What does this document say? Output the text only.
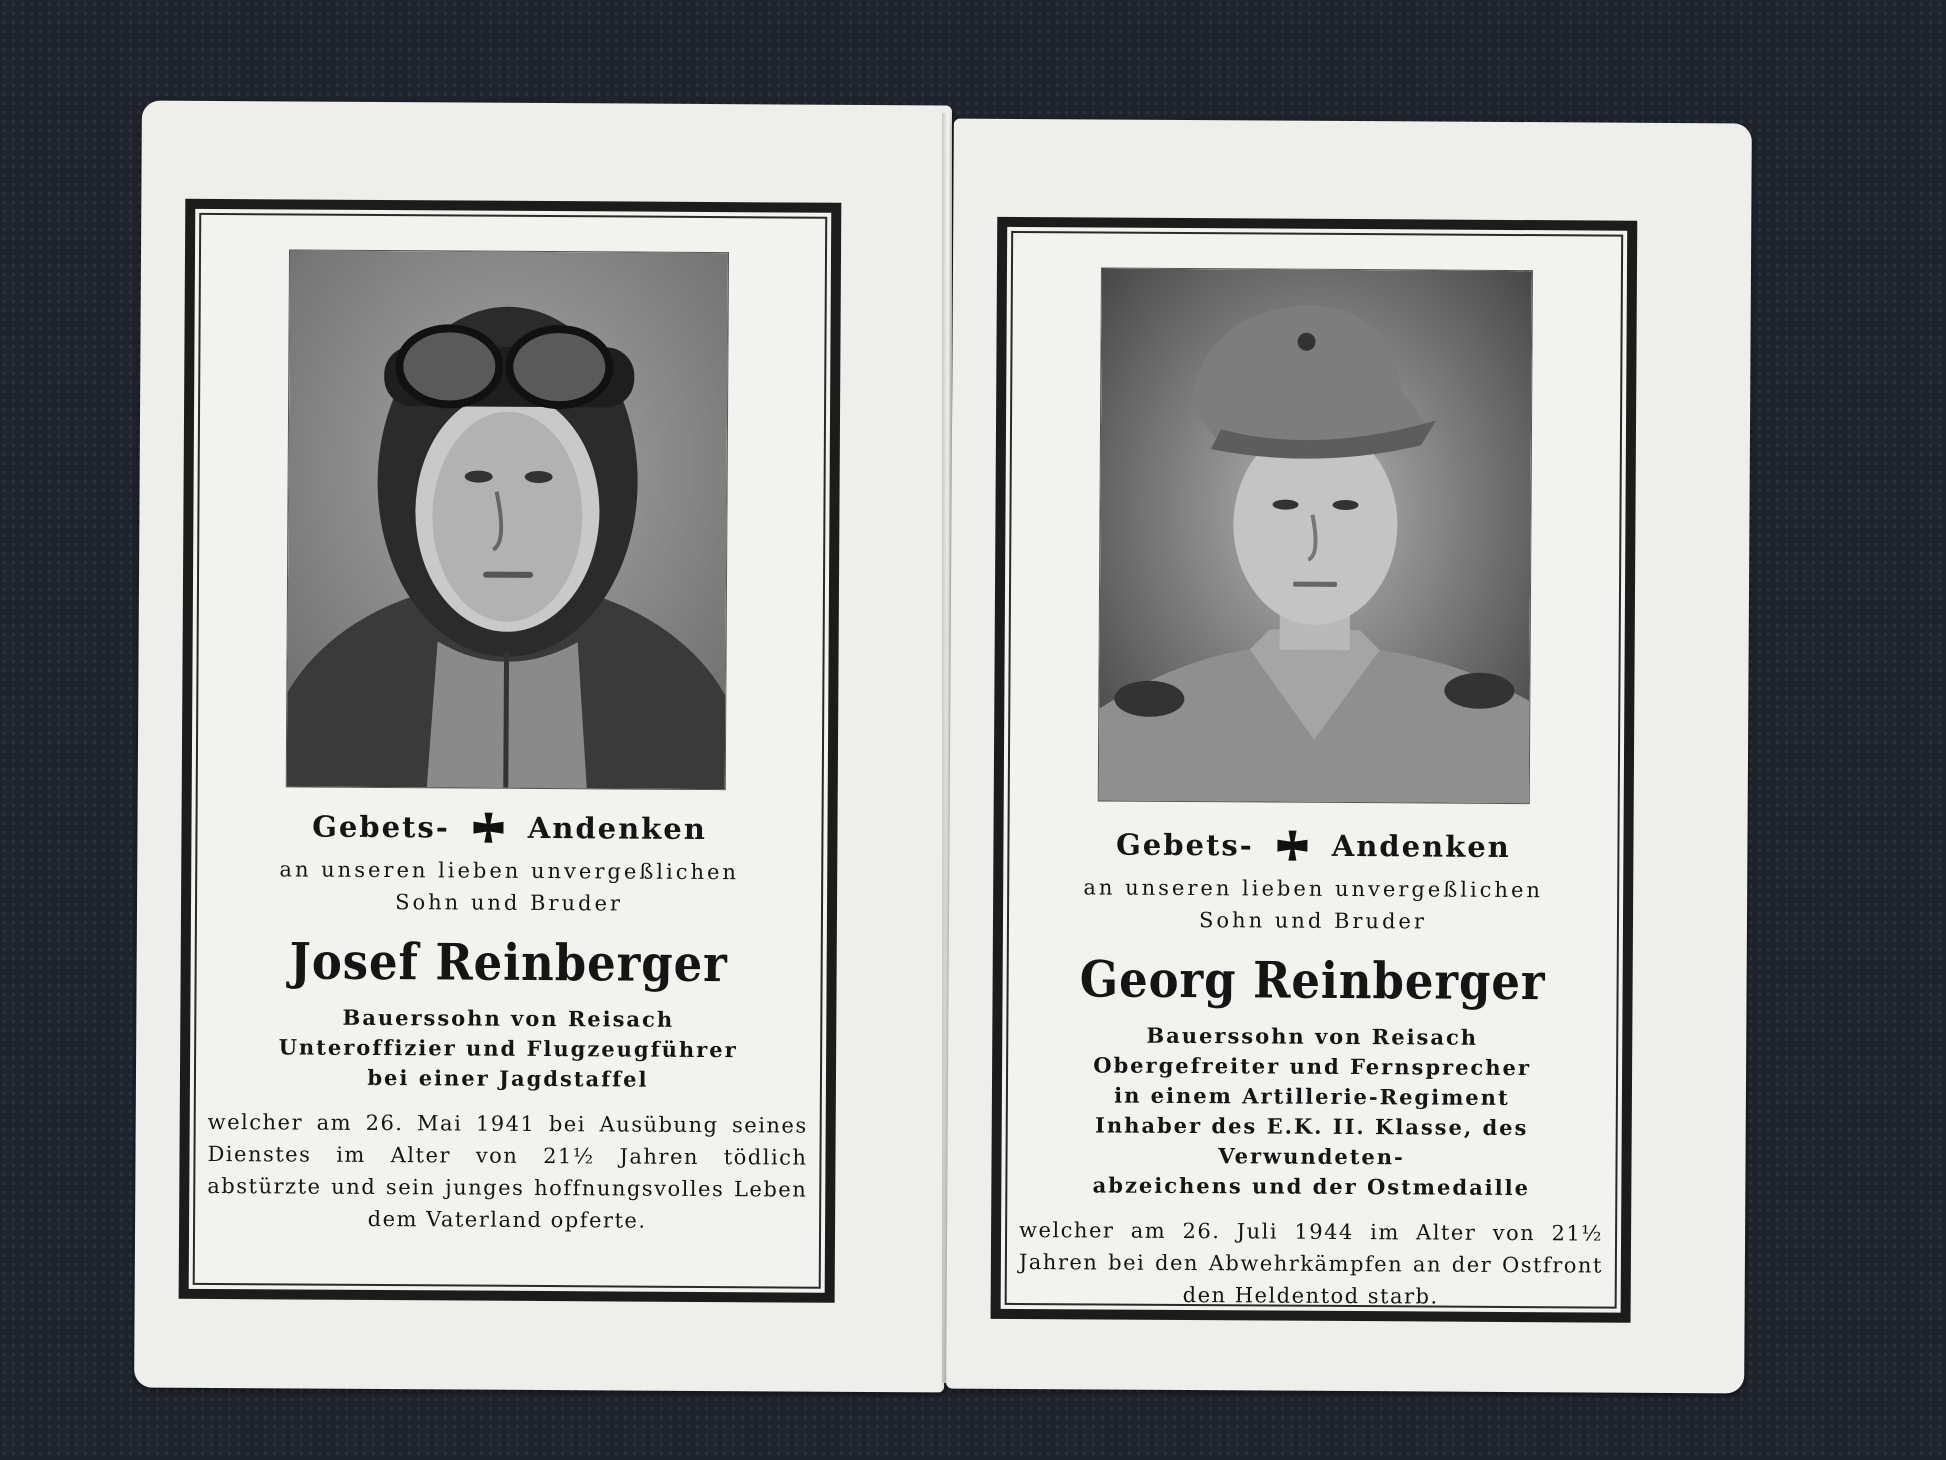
Gebets-	Andenken
an unseren lieben unvergeßlichen
Sohn und Bruder
Josef Reinberger
Bauerssohn von Reisach
Unteroffizier und Flugzeugführer
bei einer Jagdstaffel
welcher am 26. Mai 1941 bei Ausübung seines Dienstes im Alter von 21½ Jahren tödlich abstürzte und sein junges hoffnungsvolles Leben dem Vaterland opferte.
Gebets-	Andenken
an unseren lieben unvergeßlichen
Sohn und Bruder
Georg Reinberger
Bauerssohn von Reisach
Obergefreiter und Fernsprecher
in einem Artillerie-Regiment
Inhaber des E.K. II. Klasse, des Verwundeten-
abzeichens und der Ostmedaille
welcher am 26. Juli 1944 im Alter von 21½ Jahren bei den Abwehrkämpfen an der Ostfront den Heldentod starb.
